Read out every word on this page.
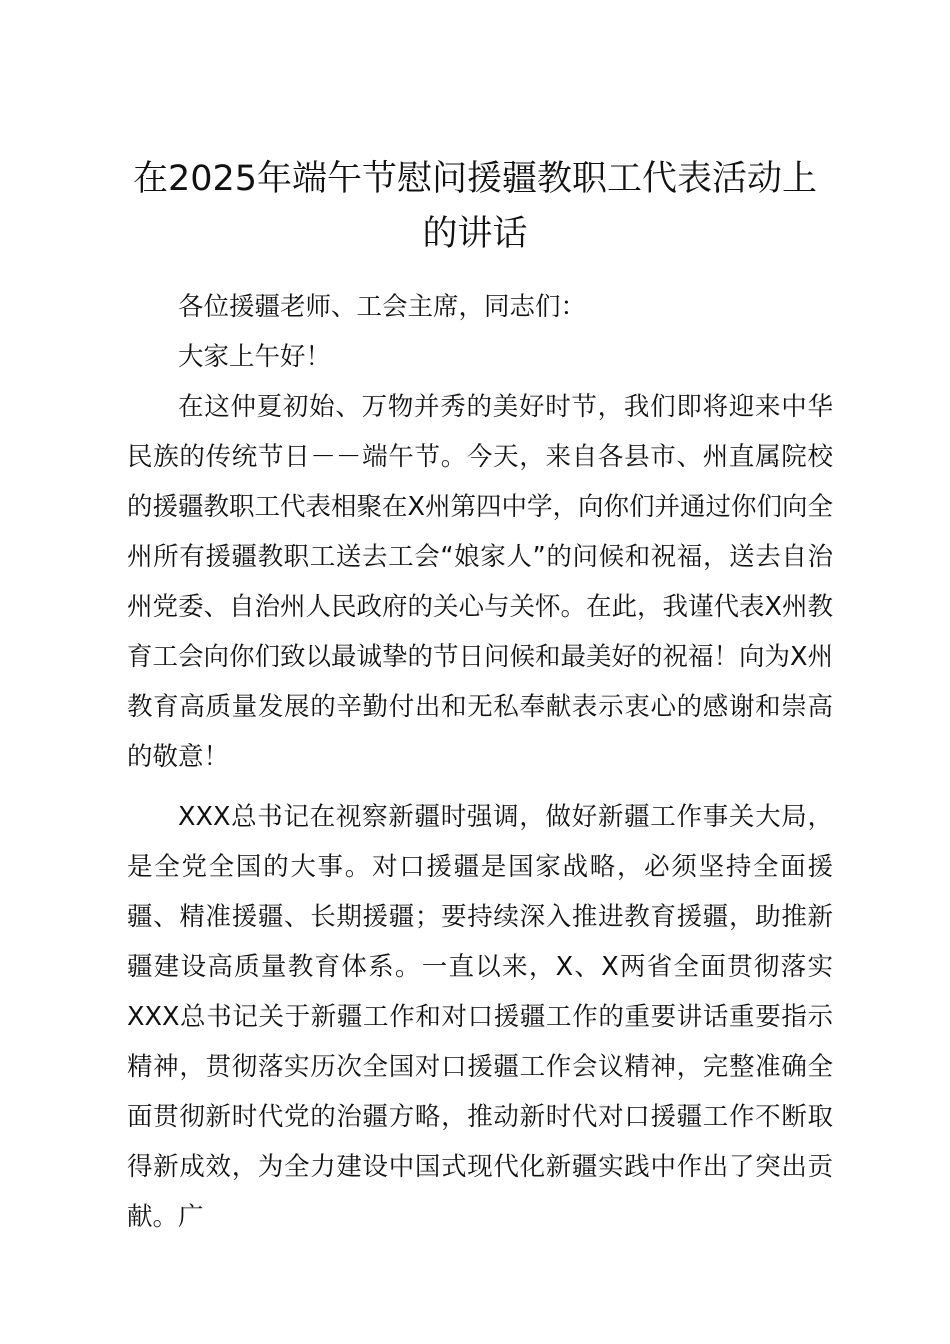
在2025年端午节慰问援疆教职工代表活动上的讲话

各位援疆老师、工会主席，同志们：

大家上午好！

在这仲夏初始、万物并秀的美好时节，我们即将迎来中华民族的传统节日－－端午节。今天，来自各县市、州直属院校的援疆教职工代表相聚在X州第四中学，向你们并通过你们向全州所有援疆教职工送去工会“娘家人”的问候和祝福，送去自治州党委、自治州人民政府的关心与关怀。在此，我谨代表X州教育工会向你们致以最诚挚的节日问候和最美好的祝福！向为X州教育高质量发展的辛勤付出和无私奉献表示衷心的感谢和崇高的敬意！

XXX总书记在视察新疆时强调，做好新疆工作事关大局，是全党全国的大事。对口援疆是国家战略，必须坚持全面援疆、精准援疆、长期援疆；要持续深入推进教育援疆，助推新疆建设高质量教育体系。一直以来，X、X两省全面贯彻落实XXX总书记关于新疆工作和对口援疆工作的重要讲话重要指示精神，贯彻落实历次全国对口援疆工作会议精神，完整准确全面贯彻新时代党的治疆方略，推动新时代对口援疆工作不断取得新成效，为全力建设中国式现代化新疆实践中作出了突出贡献。广
